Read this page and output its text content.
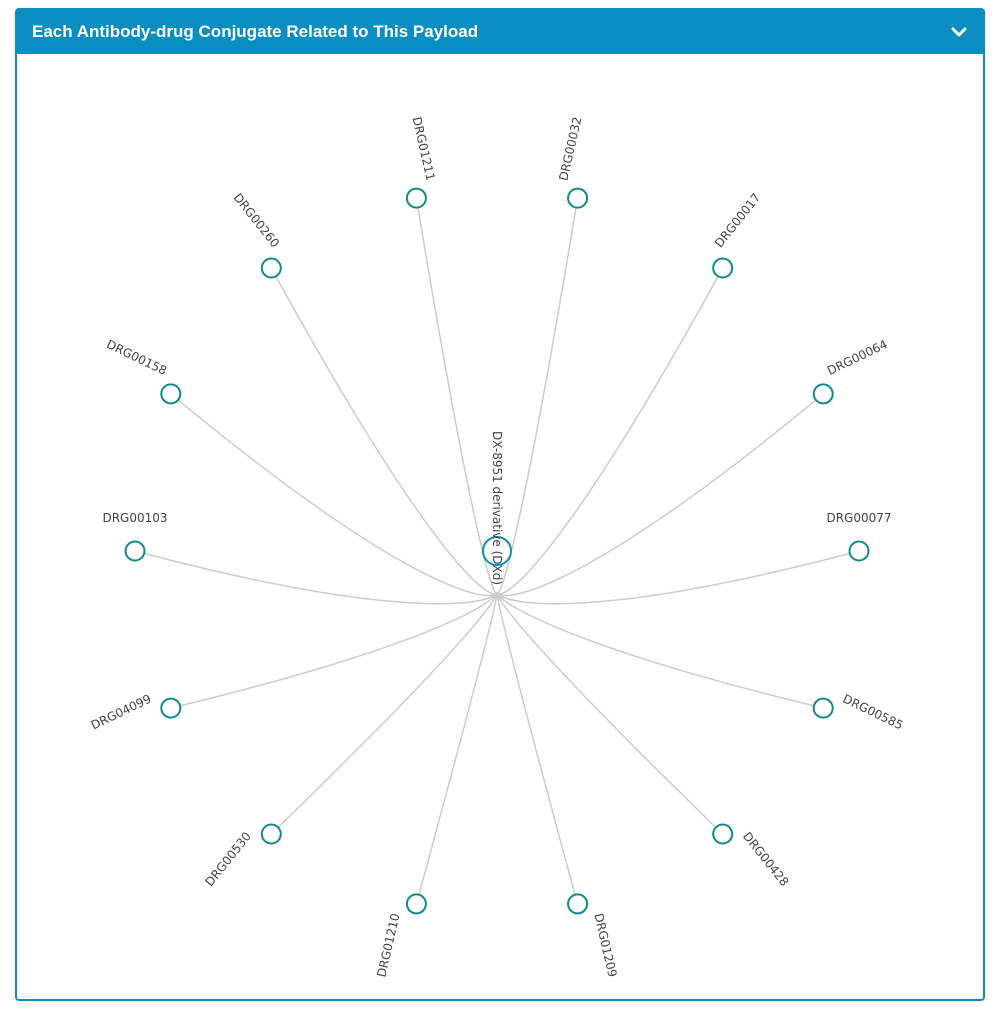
Each Antibody-drug Conjugate Related to This Payload
DRG00077
DRG00585
DRG00428
DRG01209
DRG01210
DRG00530
DRG04099
DRG00103
DRG00158
DRG00260
DRG01211	DRG00032
DRG00017
DRG00064
DX-8951 derivative (DXd)
